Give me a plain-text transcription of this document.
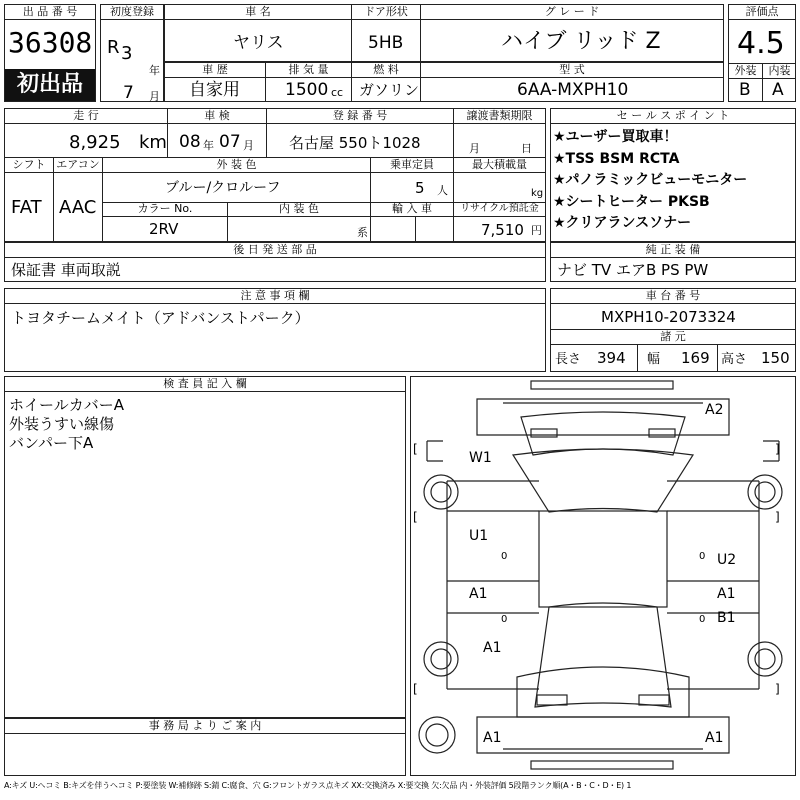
出 品 番 号
36308
初出品
初度登録
R 3
年
7 月
車 名
ヤリス
ドア形状
5HB
グ レ ー ド
ハイブ リッド Z
車 歴
自家用
排 気 量
1500 cc
燃 料
ガソリン
型 式
6AA-MXPH10
評価点
4.5
外装	内装
B A
走 行
8,925 km
車 検
08 年 07 月
登 録 番 号
名古屋 550ト1028
譲渡書類期限
月	日
シフト
FAT
エアコン
AAC
外 装 色
ブルー/クロルーフ
乗車定員
5 人
最大積載量
kg
カラー No.
2RV
内 装 色
系
輸 入 車	リサイクル預託金
7,510 円
セ ー ル ス ポ イ ン ト
★ユーザー買取車！
★TSS BSM RCTA
★パノラミックビューモニター
★シートヒーター PKSB
★クリアランスソナー
後 日 発 送 部 品
保証書 車両取説
純 正 装 備
ナビ TV エアB PS PW
注 意 事 項 欄
トヨタチームメイト（アドバンストパーク）
車 台 番 号
MXPH10-2073324
諸 元
長さ 394 幅 169 高さ 150
検 査 員 記 入 欄
ホイールカバーA
外装うすい線傷
バンパー下A
事 務 局 よ り ご 案 内
A2
W1
U1
U2
A1	A1
B1
A1
A1	A1
0	0
0	0
[	]
[	]
[	]
A:キズ U:ヘコミ B:キズを伴うヘコミ P:要塗装 W:補修跡 S:錆 C:腐食、穴 G:フロントガラス点キズ XX:交換済み X:要交換 欠:欠品 内・外装評価 5段階ランク順(A・B・C・D・E) 1
